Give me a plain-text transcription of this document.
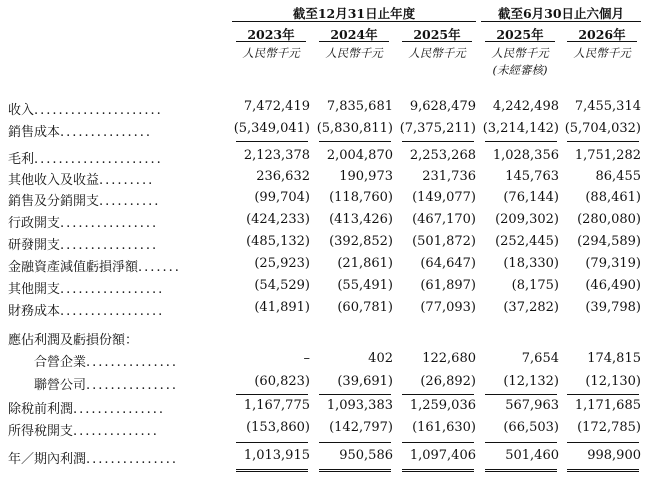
截至12月31日止年度	截至6月30日止六個月
2023年	2024年	2025年	2025年	2026年
人民幣千元	人民幣千元	人民幣千元	人民幣千元	人民幣千元
(未經審核)
收入.....................	7,472,419	7,835,681	9,628,479	4,242,498	7,455,314
銷售成本...............	(5,349,041) (5,830,811) (7,375,211) (3,214,142) (5,704,032)
毛利.....................	2,123,378	2,004,870	2,253,268	1,028,356	1,751,282
其他收入及收益.........	236,632	190,973	231,736	145,763	86,455
銷售及分銷開支..........	(99,704)	(118,760)	(149,077)	(76,144)	(88,461)
行政開支................	(424,233)	(413,426)	(467,170)	(209,302)	(280,080)
研發開支................	(485,132)	(392,852)	(501,872)	(252,445)	(294,589)
金融資產減值虧損淨額.......	(25,923)	(21,861)	(64,647)	(18,330)	(79,319)
其他開支.................	(54,529)	(55,491)	(61,897)	(8,175)	(46,490)
財務成本.................	(41,891)	(60,781)	(77,093)	(37,282)	(39,798)
應佔利潤及虧損份額：
合營企業...............	–	402	122,680	7,654	174,815
聯營公司...............	(60,823)	(39,691)	(26,892)	(12,132)	(12,130)
除稅前利潤...............	1,167,775	1,093,383	1,259,036	567,963	1,171,685
所得稅開支..............	(153,860)	(142,797)	(161,630)	(66,503)	(172,785)
年／期內利潤...............	1,013,915	950,586	1,097,406	501,460	998,900
